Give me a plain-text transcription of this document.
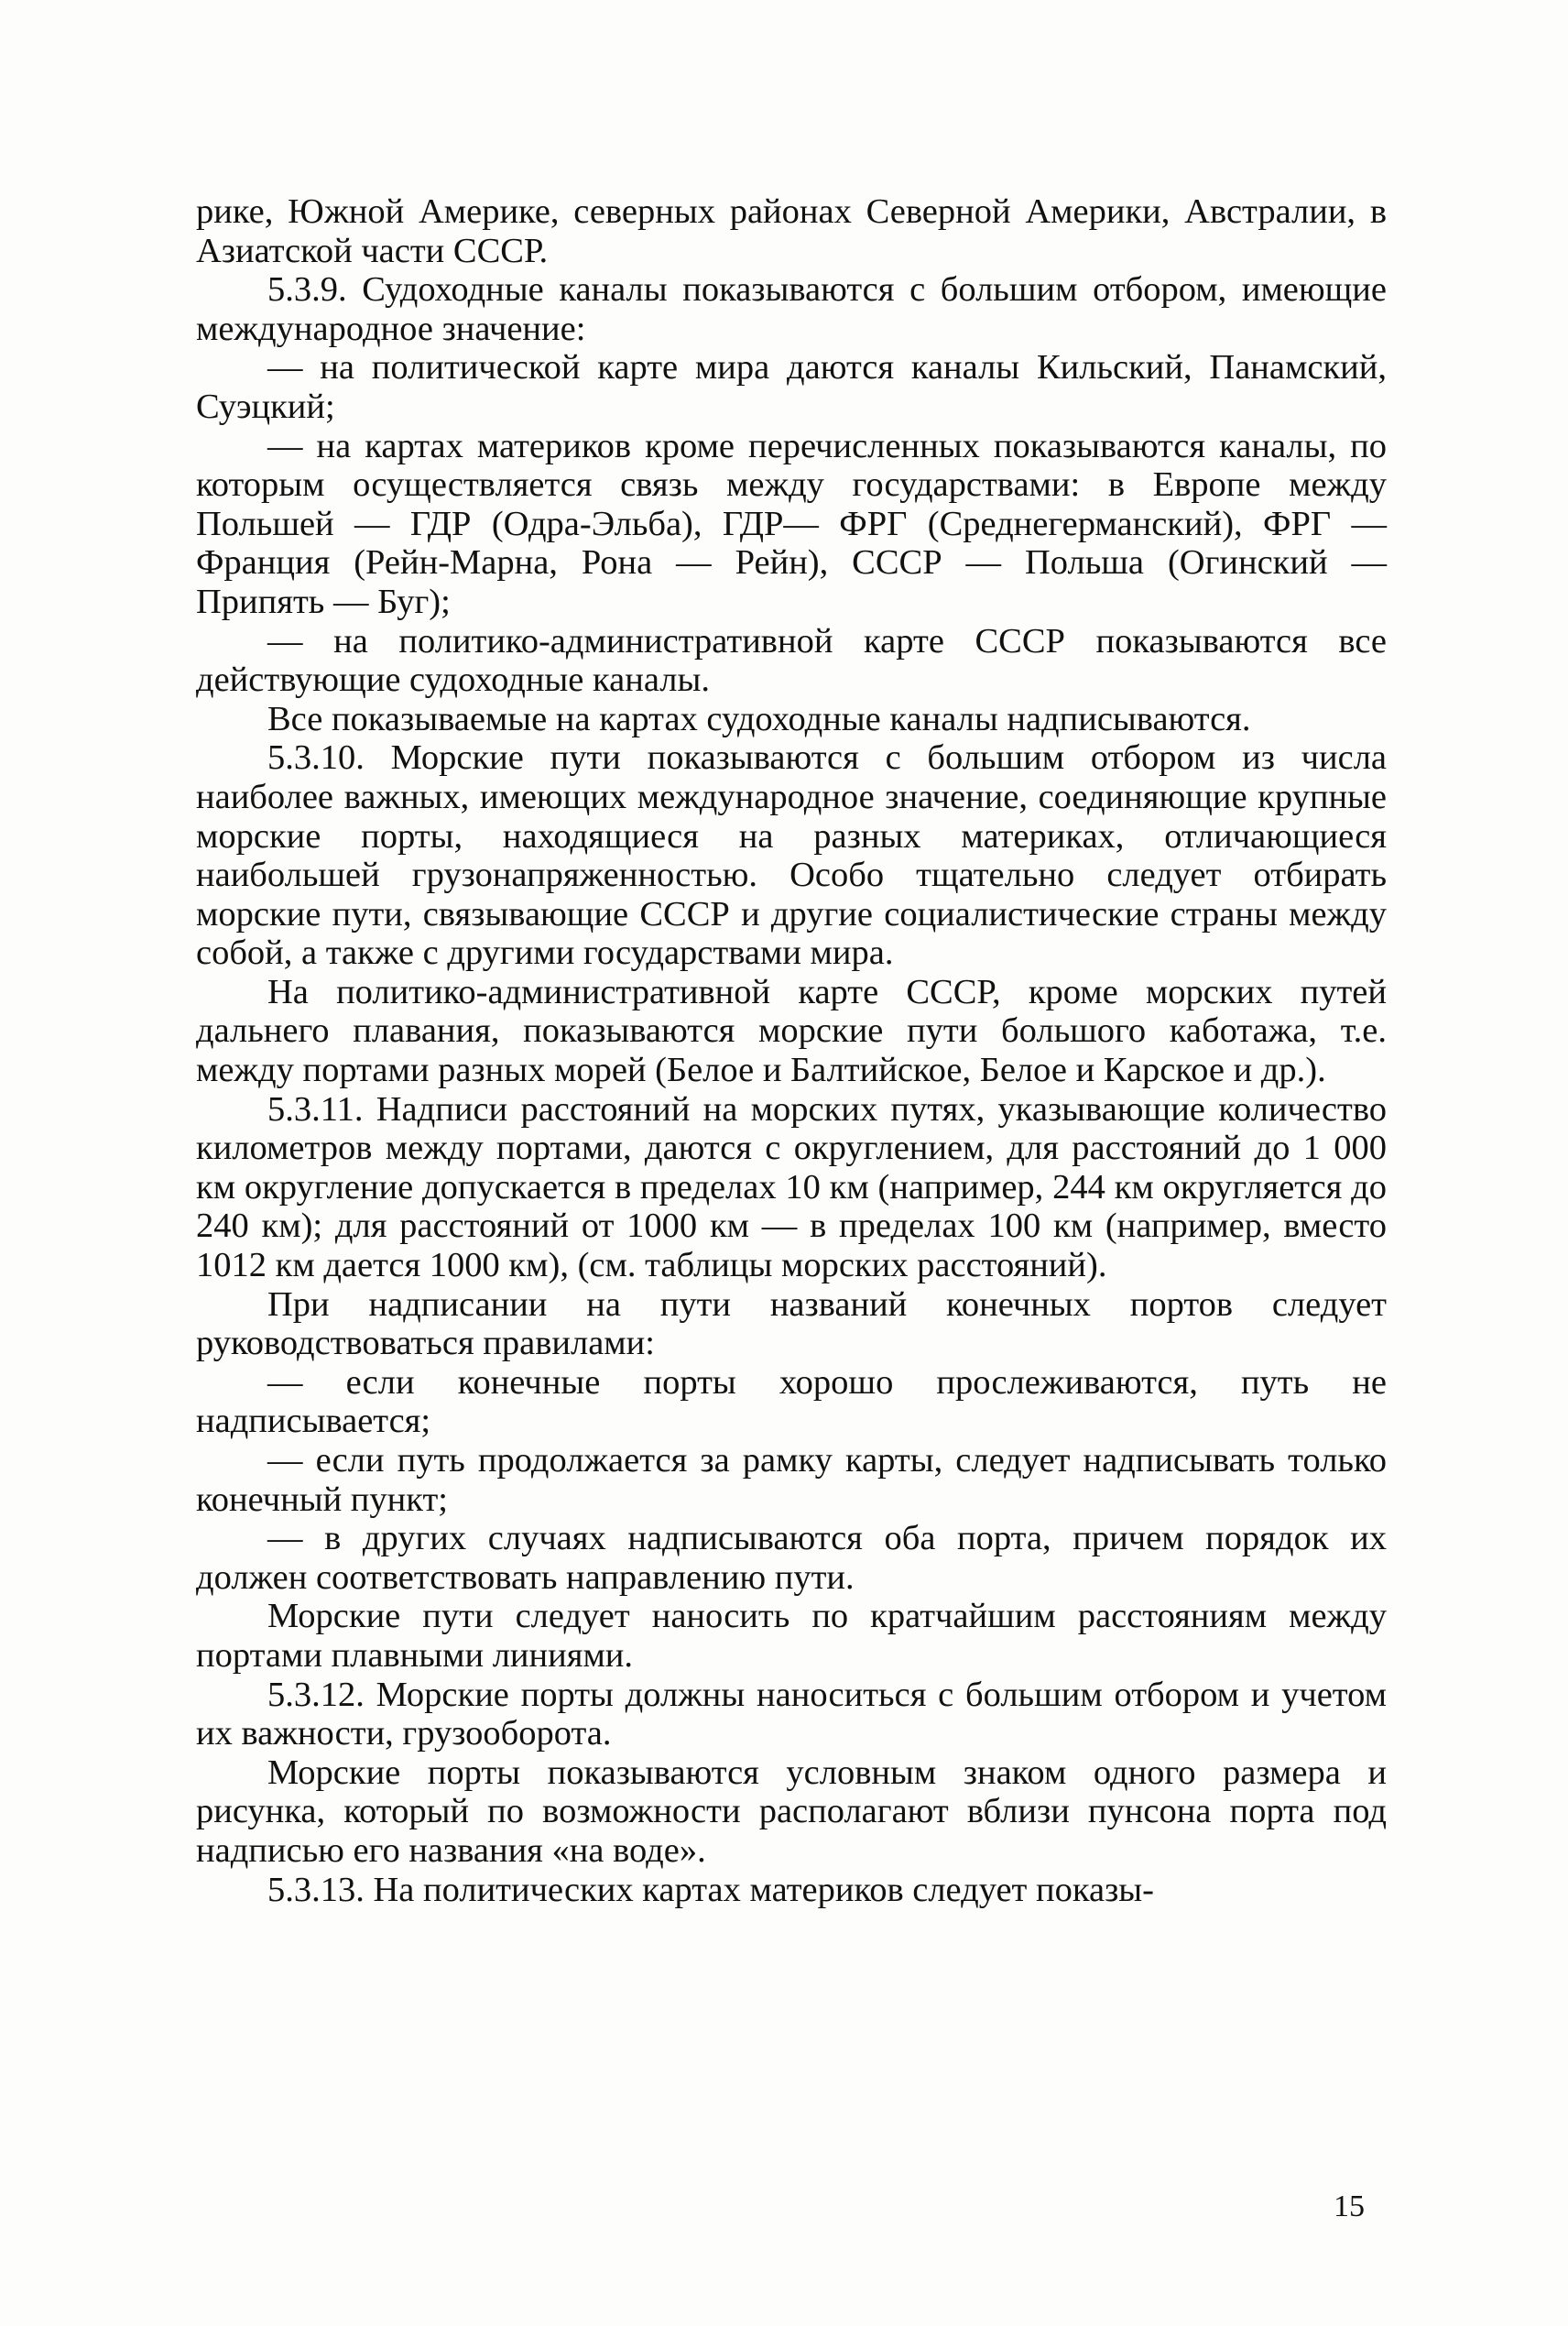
рике, Южной Америке, северных районах Северной Америки, Австралии, в Азиатской части СССР.

5.3.9. Судоходные каналы показываются с большим отбором, имеющие международное значение:

— на политической карте мира даются каналы Кильский, Панамский, Суэцкий;

— на картах материков кроме перечисленных показываются каналы, по которым осуществляется связь между государствами: в Европе между Польшей — ГДР (Одра-Эльба), ГДР— ФРГ (Среднегерманский), ФРГ — Франция (Рейн-Марна, Рона — Рейн), СССР — Польша (Огинский — Припять — Буг);

— на политико-административной карте СССР показываются все действующие судоходные каналы.

Все показываемые на картах судоходные каналы надписываются.

5.3.10. Морские пути показываются с большим отбором из числа наиболее важных, имеющих международное значение, соединяющие крупные морские порты, находящиеся на разных материках, отличающиеся наибольшей грузонапряженностью. Особо тщательно следует отбирать морские пути, связывающие СССР и другие социалистические страны между собой, а также с другими государствами мира.

На политико-административной карте СССР, кроме морских путей дальнего плавания, показываются морские пути большого каботажа, т.е. между портами разных морей (Белое и Балтийское, Белое и Карское и др.).

5.3.11. Надписи расстояний на морских путях, указывающие количество километров между портами, даются с округлением, для расстояний до 1 000 км округление допускается в пределах 10 км (например, 244 км округляется до 240 км); для расстояний от 1000 км — в пределах 100 км (например, вместо 1012 км дается 1000 км), (см. таблицы морских расстояний).

При надписании на пути названий конечных портов следует руководствоваться правилами:

— если конечные порты хорошо прослеживаются, путь не надписывается;

— если путь продолжается за рамку карты, следует надписывать только конечный пункт;

— в других случаях надписываются оба порта, причем порядок их должен соответствовать направлению пути.

Морские пути следует наносить по кратчайшим расстояниям между портами плавными линиями.

5.3.12. Морские порты должны наноситься с большим отбором и учетом их важности, грузооборота.

Морские порты показываются условным знаком одного размера и рисунка, который по возможности располагают вблизи пунсона порта под надписью его названия «на воде».

5.3.13. На политических картах материков следует показы-

15
